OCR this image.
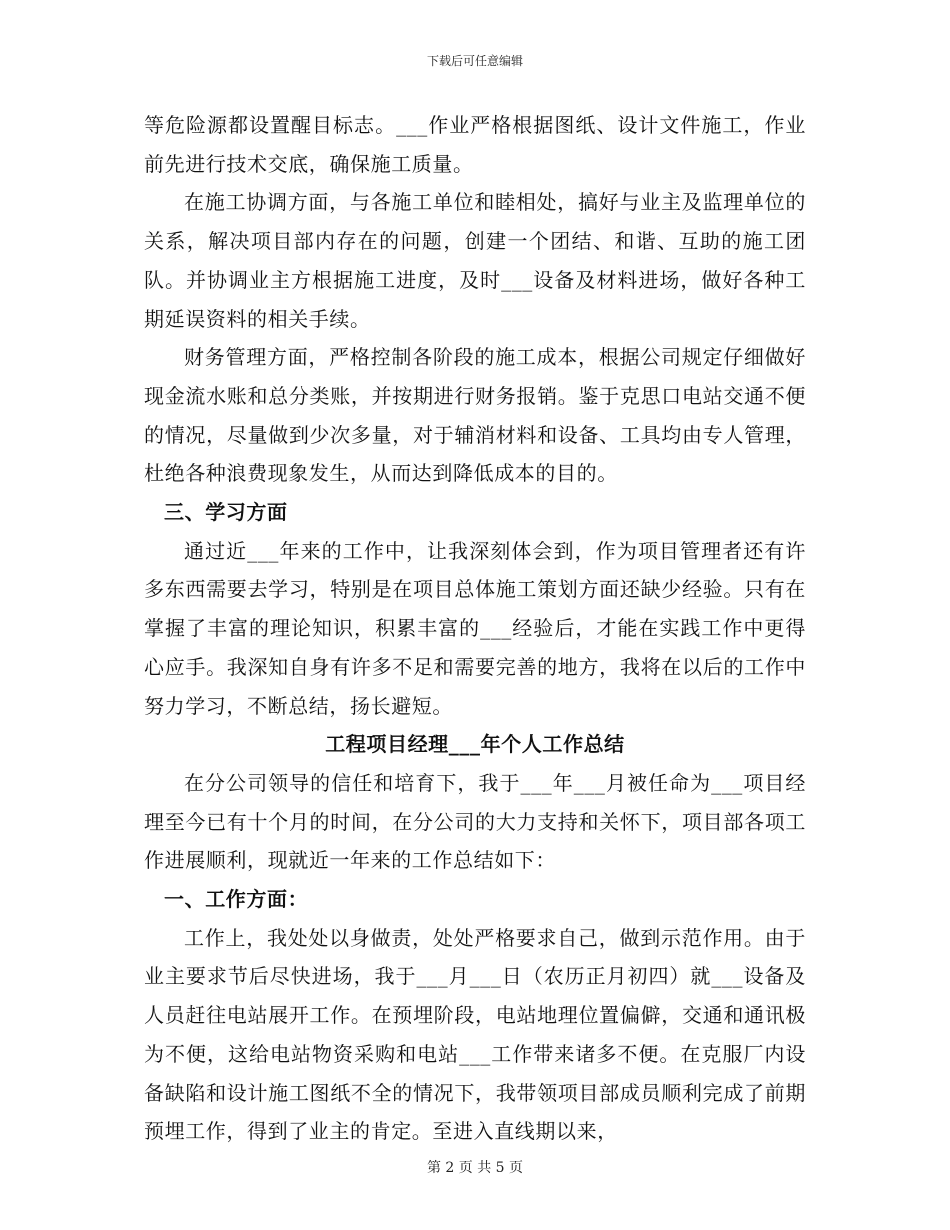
下载后可任意编辑

等危险源都设置醒目标志。___作业严格根据图纸、设计文件施工，作业前先进行技术交底，确保施工质量。

在施工协调方面，与各施工单位和睦相处，搞好与业主及监理单位的关系，解决项目部内存在的问题，创建一个团结、和谐、互助的施工团队。并协调业主方根据施工进度，及时___设备及材料进场，做好各种工期延误资料的相关手续。

财务管理方面，严格控制各阶段的施工成本，根据公司规定仔细做好现金流水账和总分类账，并按期进行财务报销。鉴于克思口电站交通不便的情况，尽量做到少次多量，对于辅消材料和设备、工具均由专人管理，杜绝各种浪费现象发生，从而达到降低成本的目的。

三、学习方面

通过近___年来的工作中，让我深刻体会到，作为项目管理者还有许多东西需要去学习，特别是在项目总体施工策划方面还缺少经验。只有在掌握了丰富的理论知识，积累丰富的___经验后，才能在实践工作中更得心应手。我深知自身有许多不足和需要完善的地方，我将在以后的工作中努力学习，不断总结，扬长避短。

工程项目经理___年个人工作总结

在分公司领导的信任和培育下，我于___年___月被任命为___项目经理至今已有十个月的时间，在分公司的大力支持和关怀下，项目部各项工作进展顺利，现就近一年来的工作总结如下：

一、工作方面：

工作上，我处处以身做责，处处严格要求自己，做到示范作用。由于业主要求节后尽快进场，我于___月___日（农历正月初四）就___设备及人员赶往电站展开工作。在预埋阶段，电站地理位置偏僻，交通和通讯极为不便，这给电站物资采购和电站___工作带来诸多不便。在克服厂内设备缺陷和设计施工图纸不全的情况下，我带领项目部成员顺利完成了前期预埋工作，得到了业主的肯定。至进入直线期以来，

第 2 页 共 5 页
